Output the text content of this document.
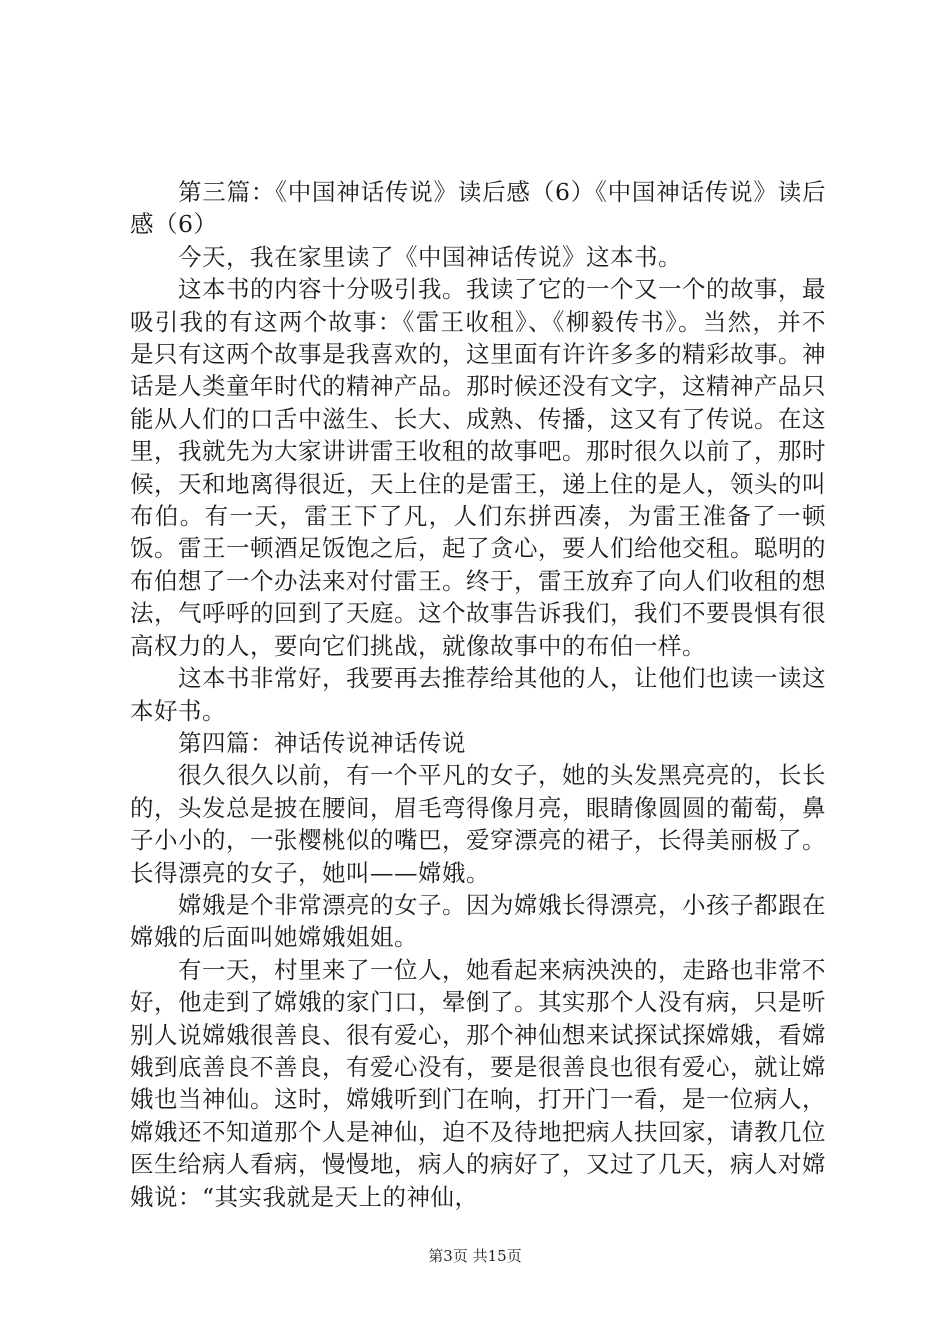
第三篇：《中国神话传说》读后感（6）《中国神话传说》读后感（6）

今天，我在家里读了《中国神话传说》这本书。

这本书的内容十分吸引我。我读了它的一个又一个的故事，最吸引我的有这两个故事：《雷王收租》、《柳毅传书》。当然，并不是只有这两个故事是我喜欢的，这里面有许许多多的精彩故事。神话是人类童年时代的精神产品。那时候还没有文字，这精神产品只能从人们的口舌中滋生、长大、成熟、传播，这又有了传说。在这里，我就先为大家讲讲雷王收租的故事吧。那时很久以前了，那时候，天和地离得很近，天上住的是雷王，递上住的是人，领头的叫布伯。有一天，雷王下了凡，人们东拼西凑，为雷王准备了一顿饭。雷王一顿酒足饭饱之后，起了贪心，要人们给他交租。聪明的布伯想了一个办法来对付雷王。终于，雷王放弃了向人们收租的想法，气呼呼的回到了天庭。这个故事告诉我们，我们不要畏惧有很高权力的人，要向它们挑战，就像故事中的布伯一样。

这本书非常好，我要再去推荐给其他的人，让他们也读一读这本好书。

第四篇：神话传说神话传说

很久很久以前，有一个平凡的女子，她的头发黑亮亮的，长长的，头发总是披在腰间，眉毛弯得像月亮，眼睛像圆圆的葡萄，鼻子小小的，一张樱桃似的嘴巴，爱穿漂亮的裙子，长得美丽极了。长得漂亮的女子，她叫——嫦娥。

嫦娥是个非常漂亮的女子。因为嫦娥长得漂亮，小孩子都跟在嫦娥的后面叫她嫦娥姐姐。

有一天，村里来了一位人，她看起来病泱泱的，走路也非常不好，他走到了嫦娥的家门口，晕倒了。其实那个人没有病，只是听别人说嫦娥很善良、很有爱心，那个神仙想来试探试探嫦娥，看嫦娥到底善良不善良，有爱心没有，要是很善良也很有爱心，就让嫦娥也当神仙。这时，嫦娥听到门在响，打开门一看，是一位病人，嫦娥还不知道那个人是神仙，迫不及待地把病人扶回家，请教几位医生给病人看病，慢慢地，病人的病好了，又过了几天，病人对嫦娥说：“其实我就是天上的神仙，

第3页 共15页
